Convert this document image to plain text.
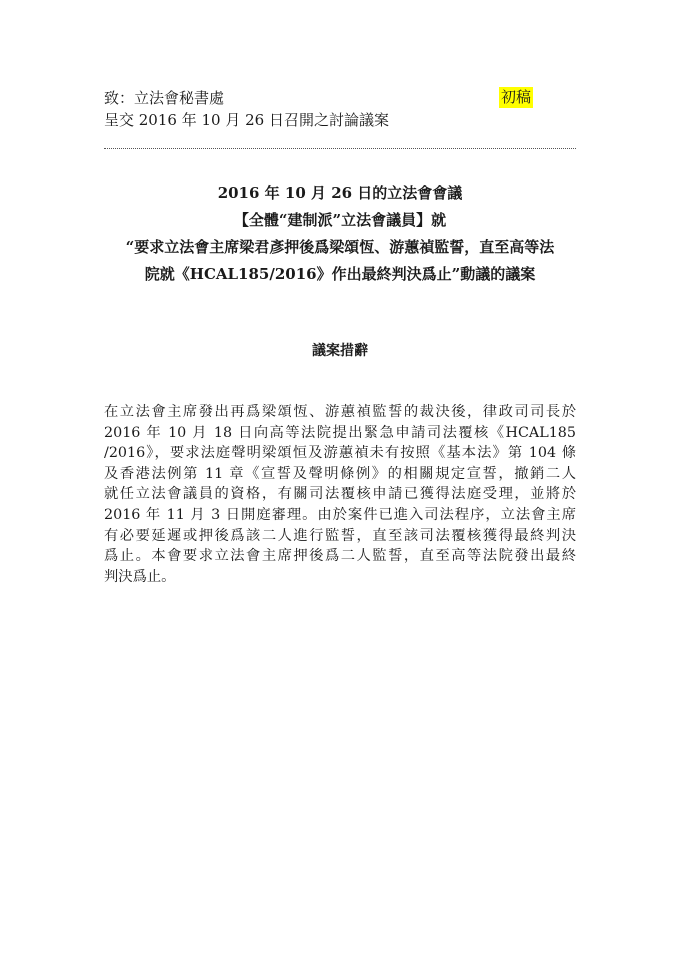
致：立法會秘書處	初稿
呈交 2016 年 10 月 26 日召開之討論議案
2016 年 10 月 26 日的立法會會議
【全體“建制派”立法會議員】就
“要求立法會主席梁君彥押後爲梁頌恆、游蕙禎監誓，直至高等法
院就《HCAL185/2016》作出最終判決爲止”動議的議案
議案措辭
在立法會主席發出再爲梁頌恆、游蕙禎監誓的裁決後，律政司司長於
2016 年 10 月 18 日向高等法院提出緊急申請司法覆核《HCAL185
/2016》，要求法庭聲明梁頌恒及游蕙禎未有按照《基本法》第 104 條
及香港法例第 11 章《宣誓及聲明條例》的相關規定宣誓，撤銷二人
就任立法會議員的資格，有關司法覆核申請已獲得法庭受理，並將於
2016 年 11 月 3 日開庭審理。由於案件已進入司法程序，立法會主席
有必要延遲或押後爲該二人進行監誓，直至該司法覆核獲得最終判決
爲止。本會要求立法會主席押後爲二人監誓，直至高等法院發出最終
判決爲止。
